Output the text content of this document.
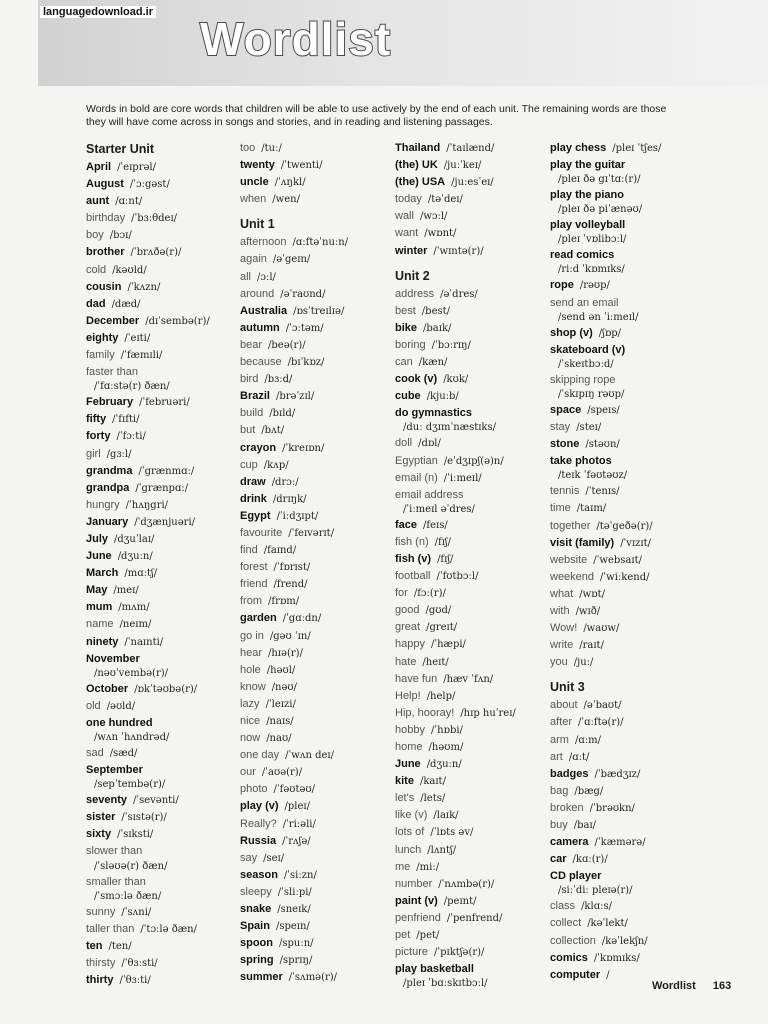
languagedownload.ir
Wordlist
Words in bold are core words that children will be able to use actively by the end of each unit. The remaining words are those they will have come across in songs and stories, and in reading and listening passages.
Starter Unit
April /ˈeɪprəl/
August /ˈɔːgəst/
aunt /ɑːnt/
birthday /ˈbɜːθdeɪ/
boy /bɔɪ/
brother /ˈbrʌðə(r)/
cold /kəʊld/
cousin /ˈkʌzn/
dad /dæd/
December /dɪˈsembə(r)/
eighty /ˈeɪti/
family /ˈfæmɪli/
faster than
/ˈfɑːstə(r) ðæn/
February /ˈfebruəri/
fifty /ˈfɪfti/
forty /ˈfɔːti/
girl /gɜːl/
grandma /ˈgrænmɑː/
grandpa /ˈgrænpɑː/
hungry /ˈhʌŋgri/
January /ˈdʒænjuəri/
July /dʒuˈlaɪ/
June /dʒuːn/
March /mɑːtʃ/
May /meɪ/
mum /mʌm/
name /neɪm/
ninety /ˈnaɪnti/
November
/nəʊˈvembə(r)/
October /ɒkˈtəʊbə(r)/
old /əʊld/
one hundred
/wʌn ˈhʌndrəd/
sad /sæd/
September
/sepˈtembə(r)/
seventy /ˈsevənti/
sister /ˈsɪstə(r)/
sixty /ˈsɪksti/
slower than
/ˈsləʊə(r) ðæn/
smaller than
/ˈsmɔːlə ðæn/
sunny /ˈsʌni/
taller than /ˈtɔːlə ðæn/
ten /ten/
thirsty /ˈθɜːsti/
thirty /ˈθɜːti/
too /tuː/
twenty /ˈtwenti/
uncle /ˈʌŋkl/
when /wen/
Unit 1
afternoon /ɑːftəˈnuːn/
again /əˈgeɪn/
all /ɔːl/
around /əˈraʊnd/
Australia /ɒsˈtreɪlɪə/
autumn /ˈɔːtəm/
bear /beə(r)/
because /bɪˈkɒz/
bird /bɜːd/
Brazil /brəˈzɪl/
build /bɪld/
but /bʌt/
crayon /ˈkreɪɒn/
cup /kʌp/
draw /drɔː/
drink /drɪŋk/
Egypt /ˈiːdʒɪpt/
favourite /ˈfeɪvərɪt/
find /faɪnd/
forest /ˈfɒrɪst/
friend /frend/
from /frɒm/
garden /ˈgɑːdn/
go in /gəʊ ˈɪn/
hear /hɪə(r)/
hole /həʊl/
know /nəʊ/
lazy /ˈleɪzi/
nice /naɪs/
now /naʊ/
one day /ˈwʌn deɪ/
our /ˈaʊə(r)/
photo /ˈfəʊtəʊ/
play (v) /pleɪ/
Really? /ˈriːəli/
Russia /ˈrʌʃə/
say /seɪ/
season /ˈsiːzn/
sleepy /ˈsliːpi/
snake /sneɪk/
Spain /speɪn/
spoon /spuːn/
spring /sprɪŋ/
summer /ˈsʌmə(r)/
Thailand /ˈtaɪlænd/
(the) UK /juːˈkeɪ/
(the) USA /juːesˈeɪ/
today /təˈdeɪ/
wall /wɔːl/
want /wɒnt/
winter /ˈwɪntə(r)/
Unit 2
address /əˈdres/
best /best/
bike /baɪk/
boring /ˈbɔːrɪŋ/
can /kæn/
cook (v) /kʊk/
cube /kjuːb/
do gymnastics
/duː dʒɪmˈnæstɪks/
doll /dɒl/
Egyptian /eˈdʒɪpʃ(ə)n/
email (n) /ˈiːmeɪl/
email address
/ˈiːmeɪl əˈdres/
face /feɪs/
fish (n) /fɪʃ/
fish (v) /fɪʃ/
football /ˈfʊtbɔːl/
for /fɔː(r)/
good /gʊd/
great /greɪt/
happy /ˈhæpi/
hate /heɪt/
have fun /hæv ˈfʌn/
Help! /help/
Hip, hooray! /hɪp huˈreɪ/
hobby /ˈhɒbi/
home /həʊm/
June /dʒuːn/
kite /kaɪt/
let's /lets/
like (v) /laɪk/
lots of /ˈlɒts əv/
lunch /lʌntʃ/
me /miː/
number /ˈnʌmbə(r)/
paint (v) /peɪnt/
penfriend /ˈpenfrend/
pet /pet/
picture /ˈpɪktʃə(r)/
play basketball
/pleɪ ˈbɑːskɪtbɔːl/
play chess /pleɪ ˈtʃes/
play the guitar
/pleɪ ðə gɪˈtɑː(r)/
play the piano
/pleɪ ðə piˈænəʊ/
play volleyball
/pleɪ ˈvɒlibɔːl/
read comics
/riːd ˈkɒmɪks/
rope /rəʊp/
send an email
/send ən ˈiːmeɪl/
shop (v) /ʃɒp/
skateboard (v)
/ˈskeɪtbɔːd/
skipping rope
/ˈskɪpɪŋ rəʊp/
space /speɪs/
stay /steɪ/
stone /stəʊn/
take photos
/teɪk ˈfəʊtəʊz/
tennis /ˈtenɪs/
time /taɪm/
together /təˈgeðə(r)/
visit (family) /ˈvɪzɪt/
website /ˈwebsaɪt/
weekend /ˈwiːkend/
what /wɒt/
with /wɪð/
Wow! /waʊw/
write /raɪt/
you /juː/
Unit 3
about /əˈbaʊt/
after /ˈɑːftə(r)/
arm /ɑːm/
art /ɑːt/
badges /ˈbædʒɪz/
bag /bæg/
broken /ˈbrəʊkn/
buy /baɪ/
camera /ˈkæmərə/
car /kɑː(r)/
CD player
/siːˈdiː pleɪə(r)/
class /klɑːs/
collect /kəˈlekt/
collection /kəˈlekʃn/
comics /ˈkɒmɪks/
computer /
Wordlist 163
